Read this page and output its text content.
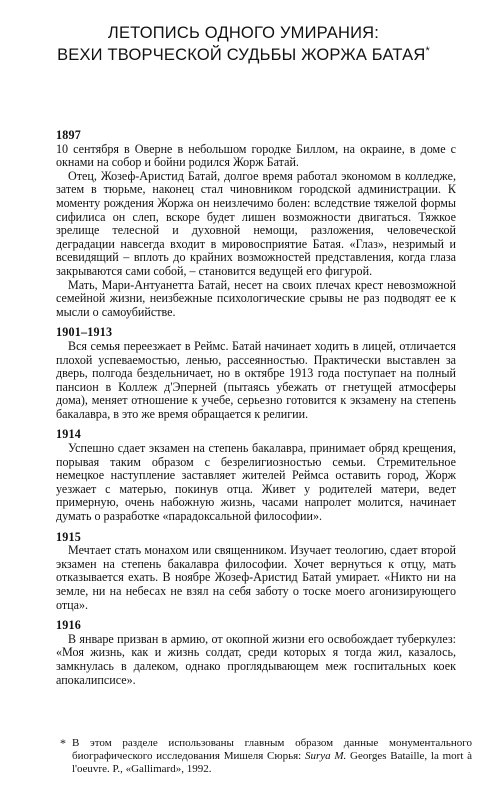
ЛЕТОПИСЬ ОДНОГО УМИРАНИЯ:
ВЕХИ ТВОРЧЕСКОЙ СУДЬБЫ ЖОРЖА БАТАЯ*

1897

10 сентября в Оверне в небольшом городке Биллом, на окраине, в доме с окнами на собор и бойни родился Жорж Батай.

Отец, Жозеф-Аристид Батай, долгое время работал экономом в колледже, затем в тюрьме, наконец стал чиновником городской администрации. К моменту рождения Жоржа он неизлечимо болен: вследствие тяжелой формы сифилиса он слеп, вскоре будет лишен возможности двигаться. Тяжкое зрелище телесной и духовной немощи, разложения, человеческой деградации навсегда входит в мировосприятие Батая. «Глаз», незримый и всевидящий – вплоть до крайних возможностей представления, когда глаза закрываются сами собой, – становится ведущей его фигурой.

Мать, Мари-Антуанетта Батай, несет на своих плечах крест невозможной семейной жизни, неизбежные психологические срывы не раз подводят ее к мысли о самоубийстве.

1901–1913

Вся семья переезжает в Реймс. Батай начинает ходить в лицей, отличается плохой успеваемостью, ленью, рассеянностью. Практически выставлен за дверь, полгода бездельничает, но в октябре 1913 года поступает на полный пансион в Коллеж д'Эперней (пытаясь убежать от гнетущей атмосферы дома), меняет отношение к учебе, серьезно готовится к экзамену на степень бакалавра, в это же время обращается к религии.

1914

Успешно сдает экзамен на степень бакалавра, принимает обряд крещения, порывая таким образом с безрелигиозностью семьи. Стремительное немецкое наступление заставляет жителей Реймса оставить город, Жорж уезжает с матерью, покинув отца. Живет у родителей матери, ведет примерную, очень набожную жизнь, часами напролет молится, начинает думать о разработке «парадоксальной философии».

1915

Мечтает стать монахом или священником. Изучает теологию, сдает второй экзамен на степень бакалавра философии. Хочет вернуться к отцу, мать отказывается ехать. В ноябре Жозеф-Аристид Батай умирает. «Никто ни на земле, ни на небесах не взял на себя заботу о тоске моего агонизирующего отца».

1916

В январе призван в армию, от окопной жизни его освобождает туберкулез: «Моя жизнь, как и жизнь солдат, среди которых я тогда жил, казалось, замкнулась в далеком, однако проглядывающем меж госпитальных коек апокалипсисе».

* В этом разделе использованы главным образом данные монументального биографического исследования Мишеля Сюрья: Surya M. Georges Bataille, la mort à l'oeuvre. P., «Gallimard», 1992.
